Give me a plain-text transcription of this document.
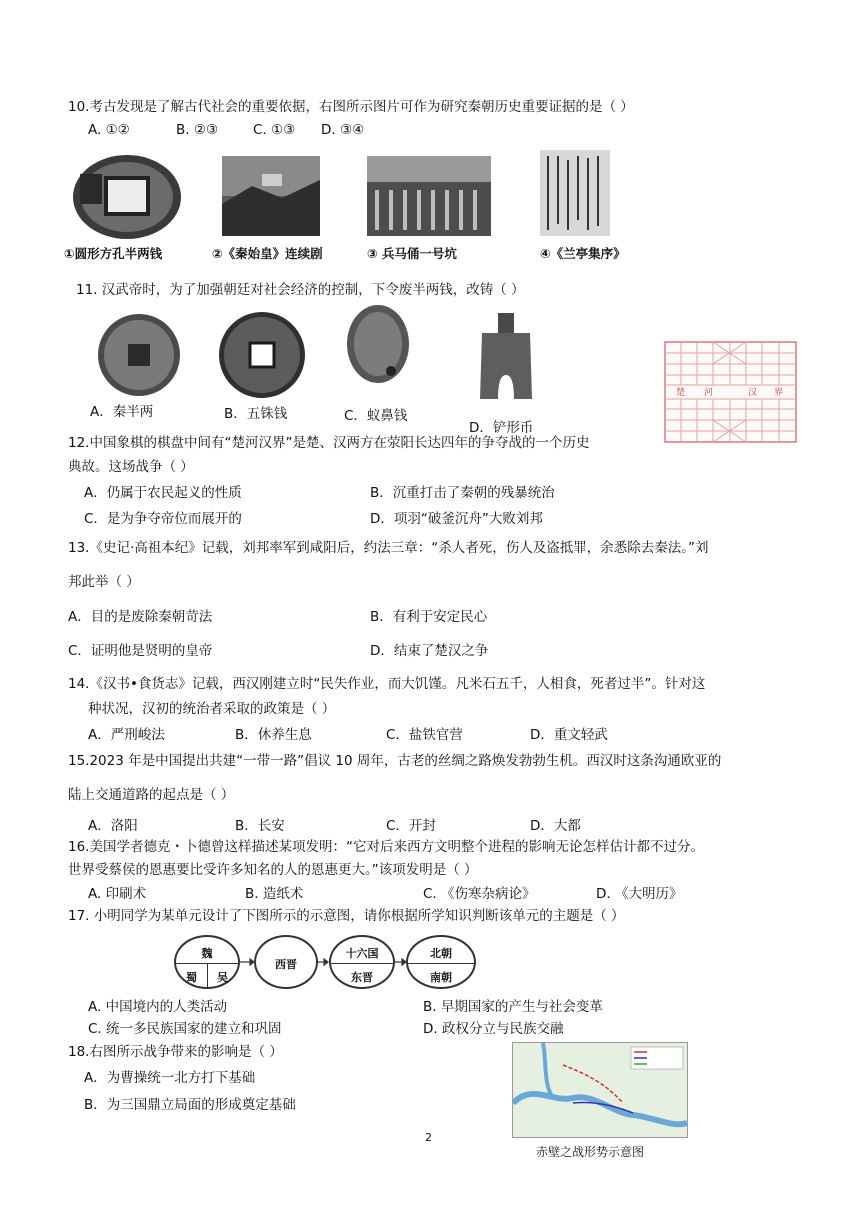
10.考古发现是了解古代社会的重要依据，右图所示图片可作为研究秦朝历史重要证据的是（ ）
A. ①②	B. ②③	C. ①③ D. ③④
①圆形方孔半两钱	②《秦始皇》连续剧	③ 兵马俑一号坑	④《兰亭集序》
11. 汉武帝时，为了加强朝廷对社会经济的控制，下令废半两钱，改铸（ ）
A．秦半两	B．五铢钱	C．蚁鼻钱
D．铲形币
楚 河	汉 界
12.中国象棋的棋盘中间有“楚河汉界”是楚、汉两方在荥阳长达四年的争夺战的一个历史
典故。这场战争（ ）
A．仍属于农民起义的性质	B．沉重打击了秦朝的残暴统治
C．是为争夺帝位而展开的	D．项羽“破釜沉舟”大败刘邦
13.《史记·高祖本纪》记载，刘邦率军到咸阳后，约法三章：“杀人者死，伤人及盗抵罪，余悉除去秦法。”刘
邦此举（ ）
A．目的是废除秦朝苛法	B．有利于安定民心
C．证明他是贤明的皇帝	D．结束了楚汉之争
14.《汉书•食货志》记载，西汉刚建立时“民失作业，而大饥馑。凡米石五千，人相食，死者过半”。针对这
种状况，汉初的统治者采取的政策是（ ）
A．严刑峻法	B．休养生息	C．盐铁官营	D．重文轻武
15.2023 年是中国提出共建“一带一路”倡议 10 周年，古老的丝绸之路焕发勃勃生机。西汉时这条沟通欧亚的
陆上交通道路的起点是（ ）
A．洛阳	B．长安	C．开封	D．大都
16.美国学者德克・卜德曾这样描述某项发明：“它对后来西方文明整个进程的影响无论怎样估计都不过分。
世界受蔡侯的恩惠要比受许多知名的人的恩惠更大。”该项发明是（ ）
A. 印刷术	B. 造纸术	C. 《伤寒杂病论》	D. 《大明历》
17. 小明同学为某单元设计了下图所示的示意图，请你根据所学知识判断该单元的主题是（ ）
魏
蜀	吴
西晋
十六国
东晋
北朝
南朝
A. 中国境内的人类活动	B. 早期国家的产生与社会变革
C. 统一多民族国家的建立和巩固	D. 政权分立与民族交融
18.右图所示战争带来的影响是（ ）
A．为曹操统一北方打下基础
B．为三国鼎立局面的形成奠定基础
赤壁之战形势示意图
2
